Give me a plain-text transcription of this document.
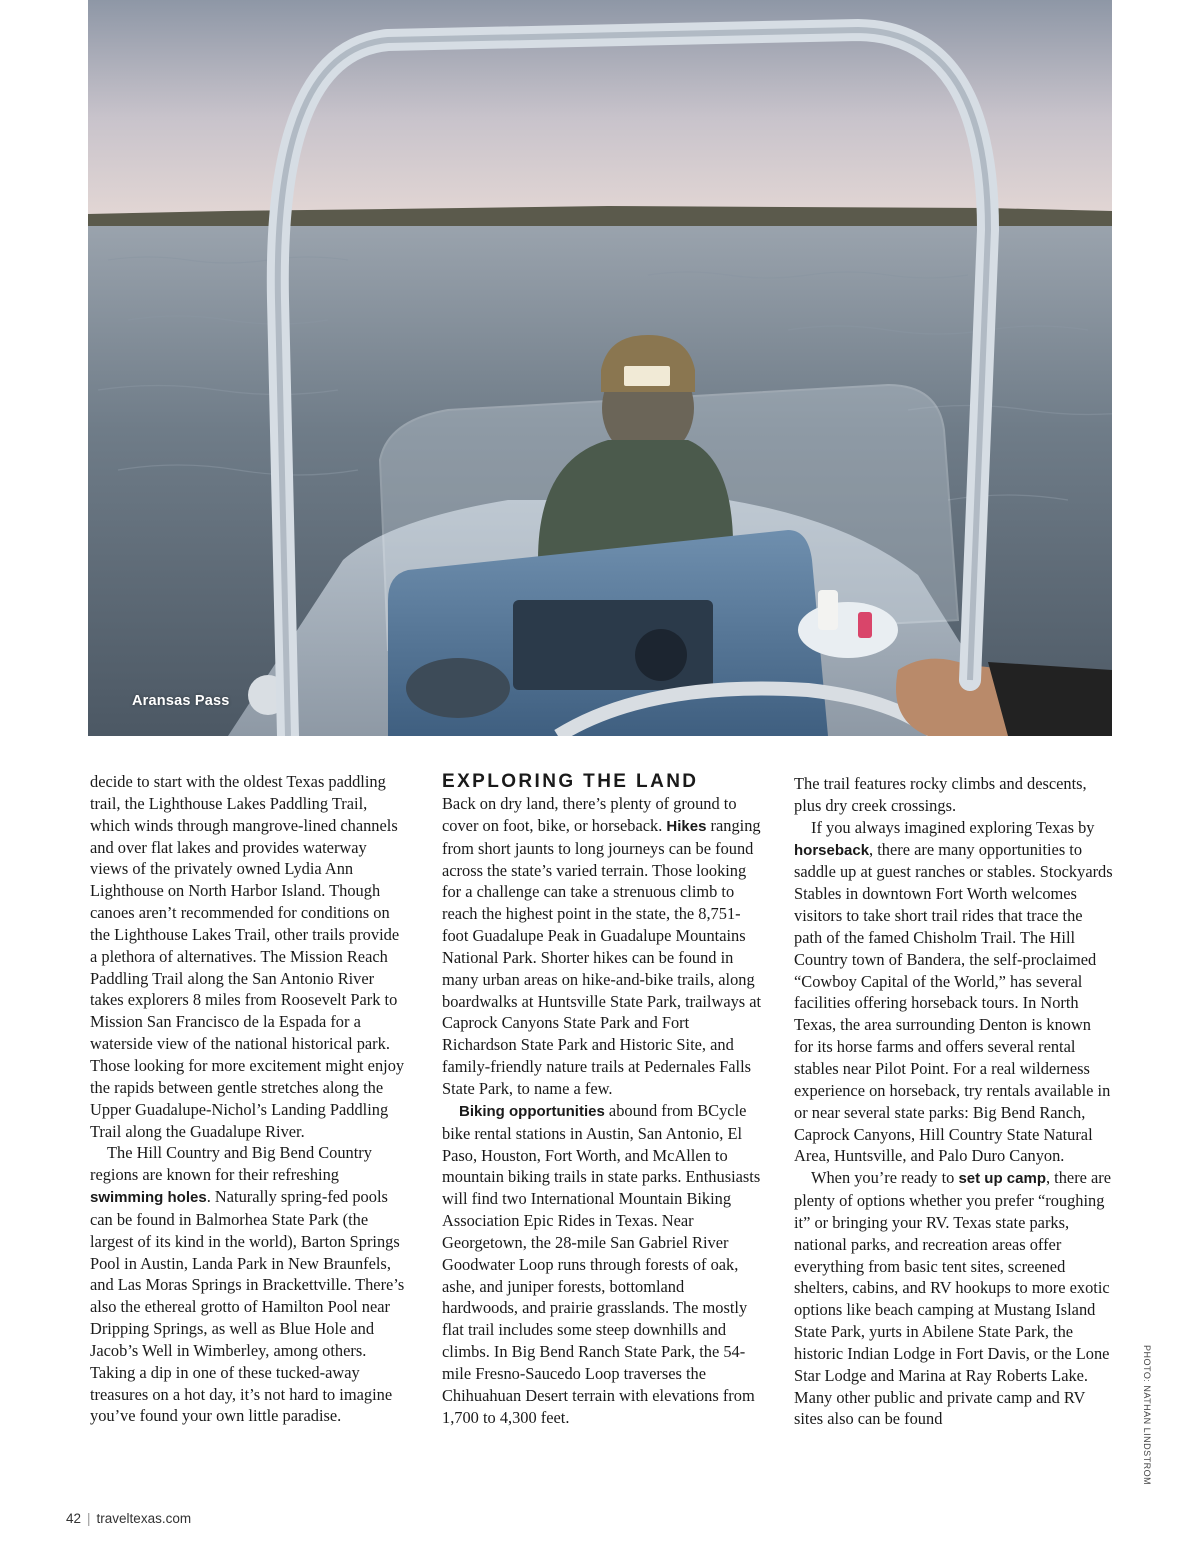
Aransas Pass

decide to start with the oldest Texas paddling trail, the Lighthouse Lakes Paddling Trail, which winds through mangrove-lined channels and over flat lakes and provides waterway views of the privately owned Lydia Ann Lighthouse on North Harbor Island. Though canoes aren’t recommended for conditions on the Lighthouse Lakes Trail, other trails provide a plethora of alternatives. The Mission Reach Paddling Trail along the San Antonio River takes explorers 8 miles from Roosevelt Park to Mission San Francisco de la Espada for a waterside view of the national historical park. Those looking for more excitement might enjoy the rapids between gentle stretches along the Upper Guadalupe-Nichol’s Landing Paddling Trail along the Guadalupe River.

The Hill Country and Big Bend Country regions are known for their refreshing swimming holes. Naturally spring-fed pools can be found in Balmorhea State Park (the largest of its kind in the world), Barton Springs Pool in Austin, Landa Park in New Braunfels, and Las Moras Springs in Brackettville. There’s also the ethereal grotto of Hamilton Pool near Dripping Springs, as well as Blue Hole and Jacob’s Well in Wimberley, among others. Taking a dip in one of these tucked-away treasures on a hot day, it’s not hard to imagine you’ve found your own little paradise.

EXPLORING THE LAND

Back on dry land, there’s plenty of ground to cover on foot, bike, or horseback. Hikes ranging from short jaunts to long journeys can be found across the state’s varied terrain. Those looking for a challenge can take a strenuous climb to reach the highest point in the state, the 8,751-foot Guadalupe Peak in Guadalupe Mountains National Park. Shorter hikes can be found in many urban areas on hike-and-bike trails, along boardwalks at Huntsville State Park, trailways at Caprock Canyons State Park and Fort Richardson State Park and Historic Site, and family-friendly nature trails at Pedernales Falls State Park, to name a few.

Biking opportunities abound from BCycle bike rental stations in Austin, San Antonio, El Paso, Houston, Fort Worth, and McAllen to mountain biking trails in state parks. Enthusiasts will find two International Mountain Biking Association Epic Rides in Texas. Near Georgetown, the 28-mile San Gabriel River Goodwater Loop runs through forests of oak, ashe, and juniper forests, bottomland hardwoods, and prairie grasslands. The mostly flat trail includes some steep downhills and climbs. In Big Bend Ranch State Park, the 54-mile Fresno-Saucedo Loop traverses the Chihuahuan Desert terrain with elevations from 1,700 to 4,300 feet.

The trail features rocky climbs and descents, plus dry creek crossings.

If you always imagined exploring Texas by horseback, there are many opportunities to saddle up at guest ranches or stables. Stockyards Stables in downtown Fort Worth welcomes visitors to take short trail rides that trace the path of the famed Chisholm Trail. The Hill Country town of Bandera, the self-proclaimed “Cowboy Capital of the World,” has several facilities offering horseback tours. In North Texas, the area surrounding Denton is known for its horse farms and offers several rental stables near Pilot Point. For a real wilderness experience on horseback, try rentals available in or near several state parks: Big Bend Ranch, Caprock Canyons, Hill Country State Natural Area, Huntsville, and Palo Duro Canyon.

When you’re ready to set up camp, there are plenty of options whether you prefer “roughing it” or bringing your RV. Texas state parks, national parks, and recreation areas offer everything from basic tent sites, screened shelters, cabins, and RV hookups to more exotic options like beach camping at Mustang Island State Park, yurts in Abilene State Park, the historic Indian Lodge in Fort Davis, or the Lone Star Lodge and Marina at Ray Roberts Lake. Many other public and private camp and RV sites also can be found	PHOTO: NATHAN LINDSTROM
42 | traveltexas.com
